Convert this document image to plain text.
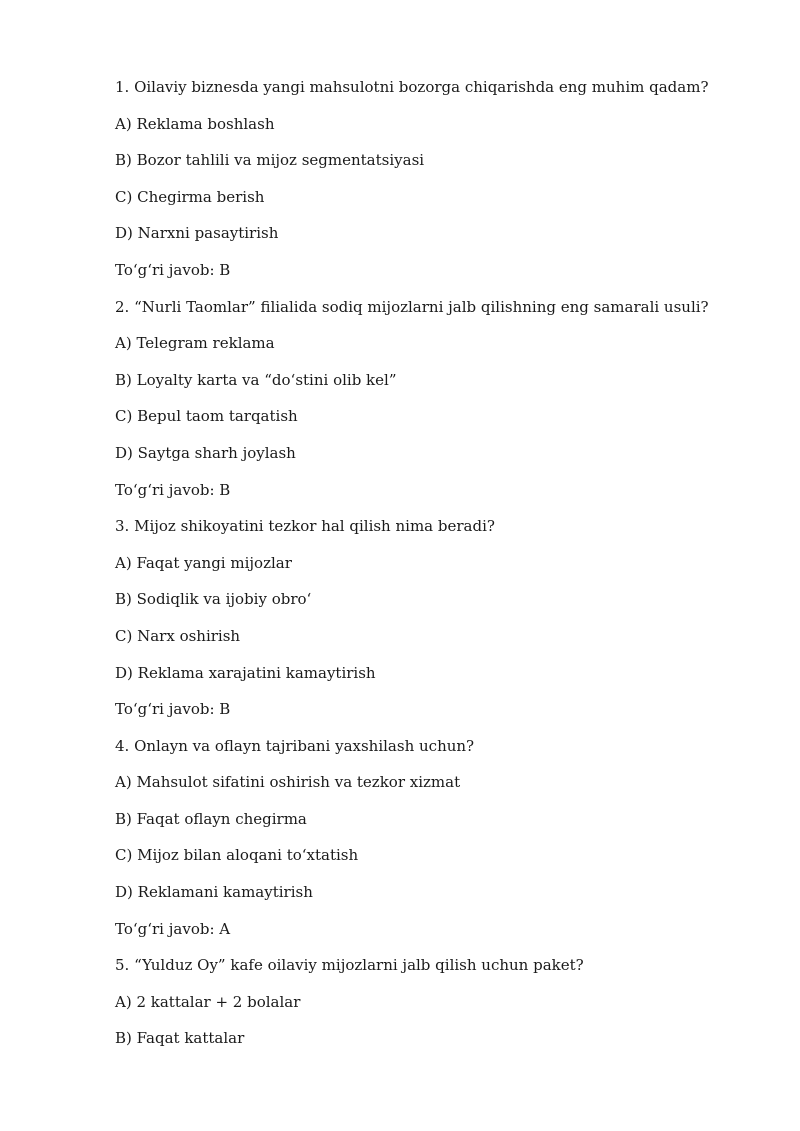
1. Oilaviy biznesda yangi mahsulotni bozorga chiqarishda eng muhim qadam?
A) Reklama boshlash
B) Bozor tahlili va mijoz segmentatsiyasi
C) Chegirma berish
D) Narxni pasaytirish
To‘g‘ri javob: B
2. “Nurli Taomlar” filialida sodiq mijozlarni jalb qilishning eng samarali usuli?
A) Telegram reklama
B) Loyalty karta va “do‘stini olib kel”
C) Bepul taom tarqatish
D) Saytga sharh joylash
To‘g‘ri javob: B
3. Mijoz shikoyatini tezkor hal qilish nima beradi?
A) Faqat yangi mijozlar
B) Sodiqlik va ijobiy obro‘
C) Narx oshirish
D) Reklama xarajatini kamaytirish
To‘g‘ri javob: B
4. Onlayn va oflayn tajribani yaxshilash uchun?
A) Mahsulot sifatini oshirish va tezkor xizmat
B) Faqat oflayn chegirma
C) Mijoz bilan aloqani to‘xtatish
D) Reklamani kamaytirish
To‘g‘ri javob: A
5. “Yulduz Oy” kafe oilaviy mijozlarni jalb qilish uchun paket?
A) 2 kattalar + 2 bolalar
B) Faqat kattalar
